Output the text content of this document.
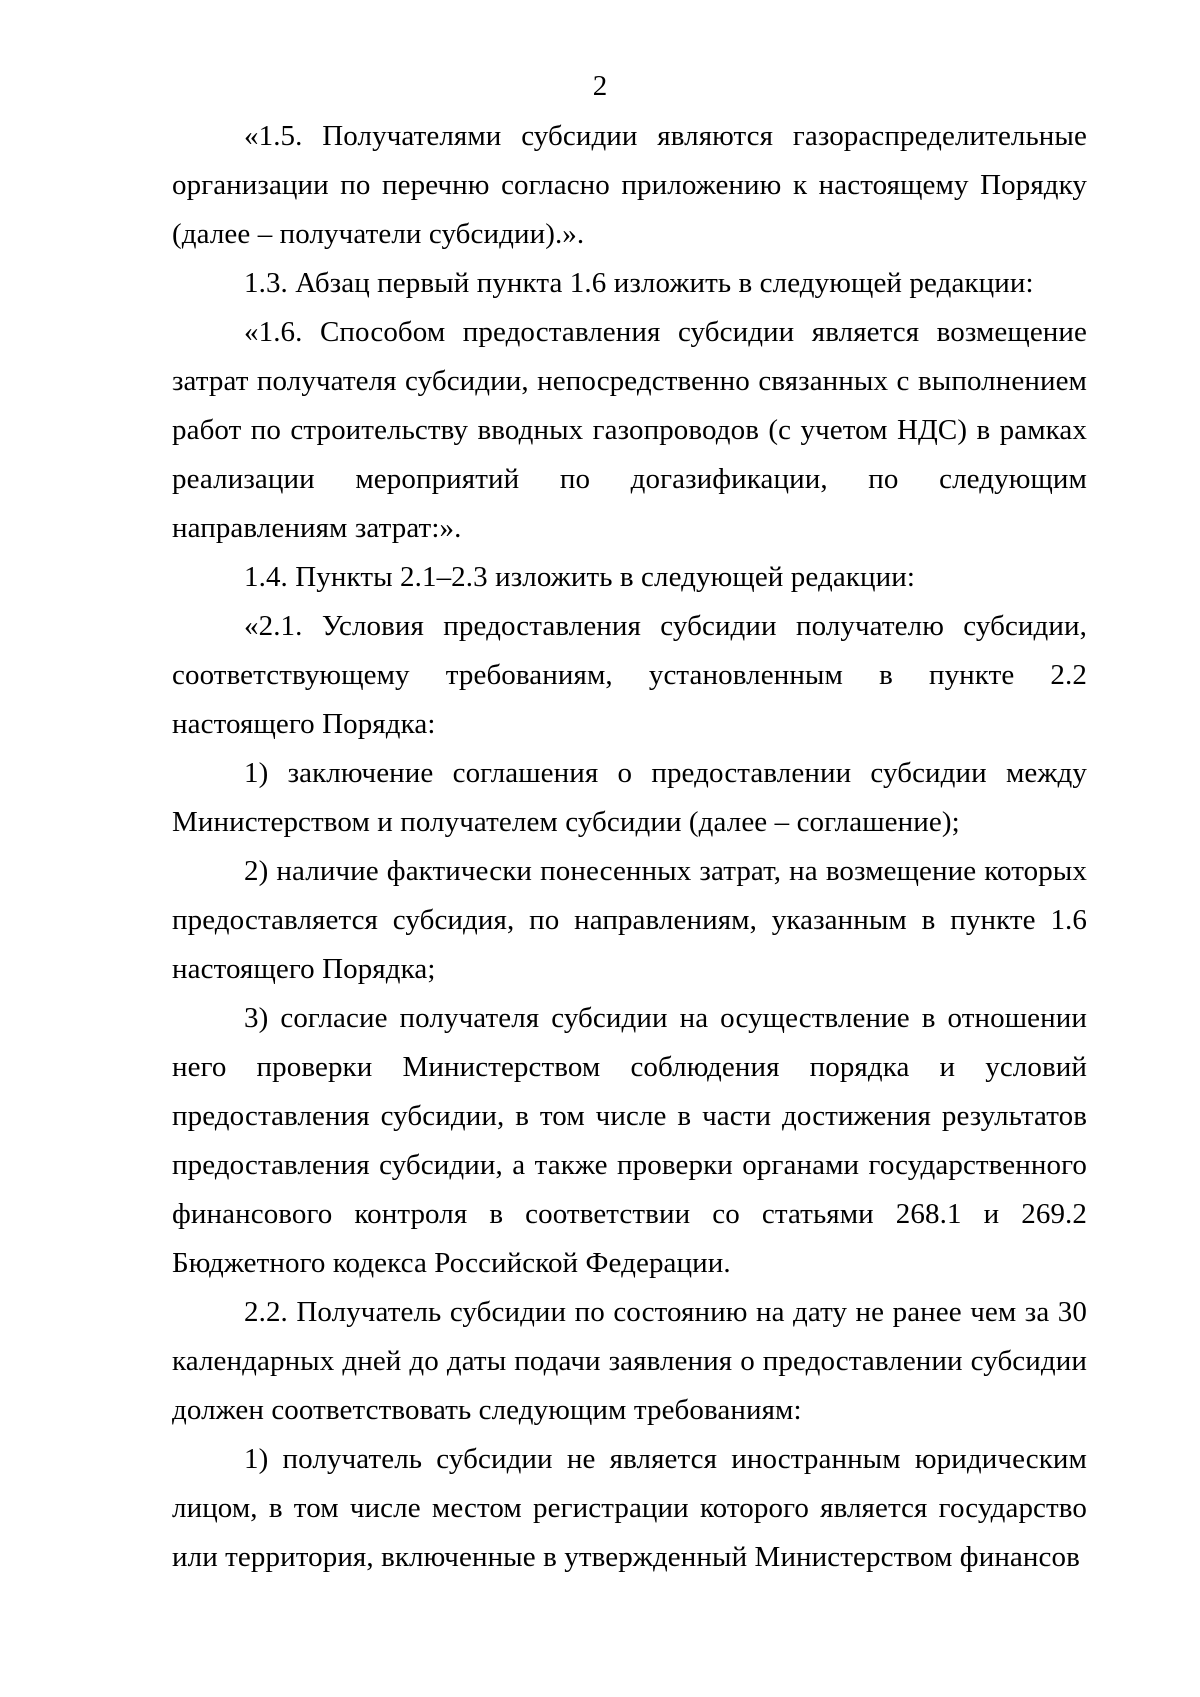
2

«1.5. Получателями субсидии являются газораспределительные организации по перечню согласно приложению к настоящему Порядку (далее – получатели субсидии).».

1.3. Абзац первый пункта 1.6 изложить в следующей редакции:

«1.6. Способом предоставления субсидии является возмещение затрат получателя субсидии, непосредственно связанных с выполнением работ по строительству вводных газопроводов (с учетом НДС) в рамках реализации мероприятий по догазификации, по следующим направлениям затрат:».

1.4. Пункты 2.1–2.3 изложить в следующей редакции:

«2.1. Условия предоставления субсидии получателю субсидии, соответствующему требованиям, установленным в пункте 2.2 настоящего Порядка:

1) заключение соглашения о предоставлении субсидии между Министерством и получателем субсидии (далее – соглашение);

2) наличие фактически понесенных затрат, на возмещение которых предоставляется субсидия, по направлениям, указанным в пункте 1.6 настоящего Порядка;

3) согласие получателя субсидии на осуществление в отношении него проверки Министерством соблюдения порядка и условий предоставления субсидии, в том числе в части достижения результатов предоставления субсидии, а также проверки органами государственного финансового контроля в соответствии со статьями 268.1 и 269.2 Бюджетного кодекса Российской Федерации.

2.2. Получатель субсидии по состоянию на дату не ранее чем за 30 календарных дней до даты подачи заявления о предоставлении субсидии должен соответствовать следующим требованиям:

1) получатель субсидии не является иностранным юридическим лицом, в том числе местом регистрации которого является государство или территория, включенные в утвержденный Министерством финансов
